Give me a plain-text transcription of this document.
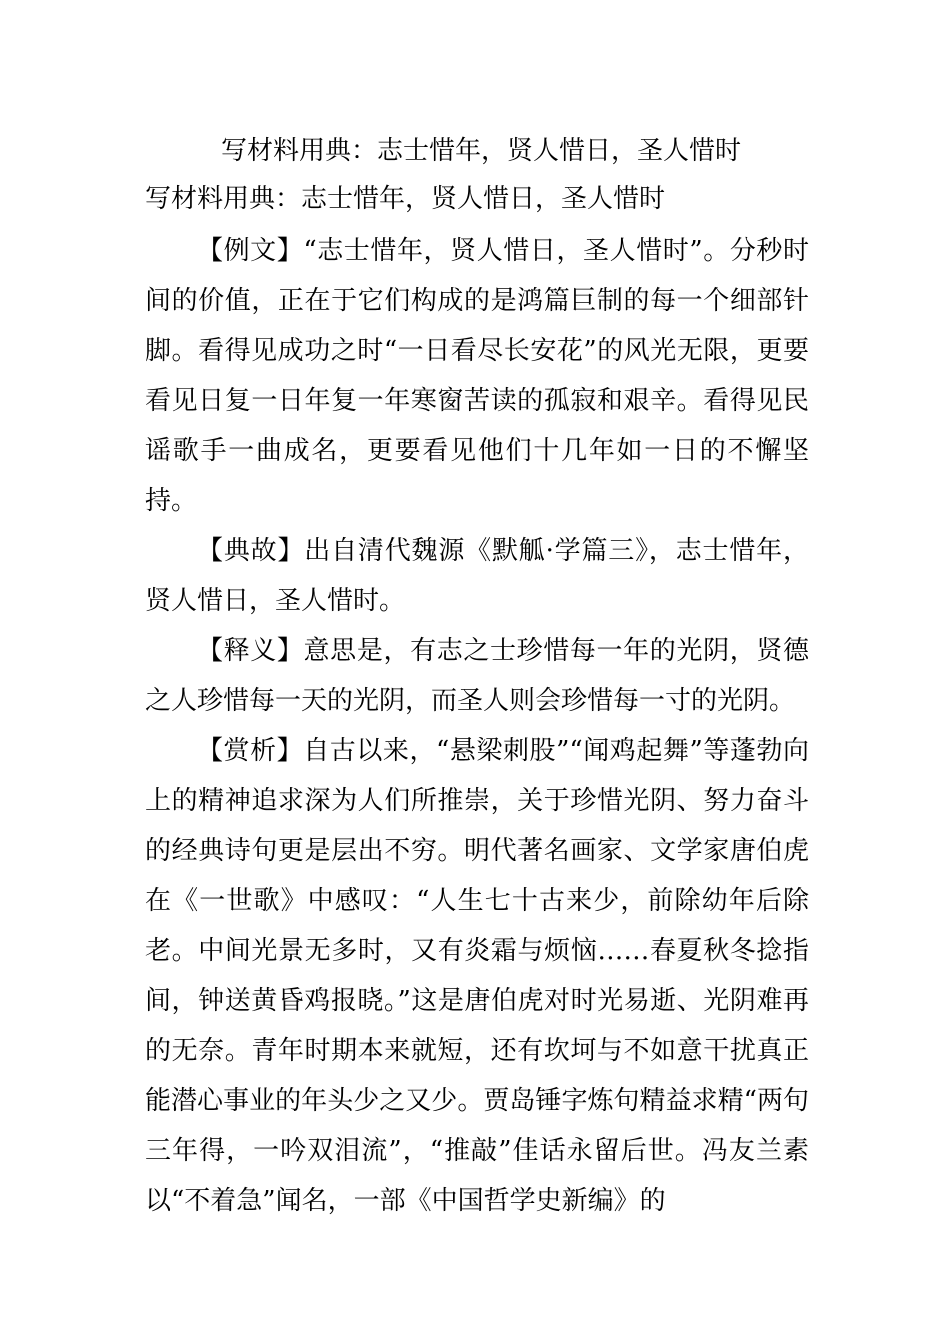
写材料用典：志士惜年，贤人惜日，圣人惜时
写材料用典：志士惜年，贤人惜日，圣人惜时

【例文】“志士惜年，贤人惜日，圣人惜时”。分秒时间的价值，正在于它们构成的是鸿篇巨制的每一个细部针脚。看得见成功之时“一日看尽长安花”的风光无限，更要看见日复一日年复一年寒窗苦读的孤寂和艰辛。看得见民谣歌手一曲成名，更要看见他们十几年如一日的不懈坚持。

【典故】出自清代魏源《默觚·学篇三》，志士惜年，贤人惜日，圣人惜时。

【释义】意思是，有志之士珍惜每一年的光阴，贤德之人珍惜每一天的光阴，而圣人则会珍惜每一寸的光阴。

【赏析】自古以来，“悬梁刺股”“闻鸡起舞”等蓬勃向上的精神追求深为人们所推崇，关于珍惜光阴、努力奋斗的经典诗句更是层出不穷。明代著名画家、文学家唐伯虎在《一世歌》中感叹：“人生七十古来少，前除幼年后除老。中间光景无多时，又有炎霜与烦恼……春夏秋冬捻指间，钟送黄昏鸡报晓。”这是唐伯虎对时光易逝、光阴难再的无奈。青年时期本来就短，还有坎坷与不如意干扰真正能潜心事业的年头少之又少。贾岛锤字炼句精益求精“两句三年得，一吟双泪流”，“推敲”佳话永留后世。冯友兰素以“不着急”闻名，一部《中国哲学史新编》的
